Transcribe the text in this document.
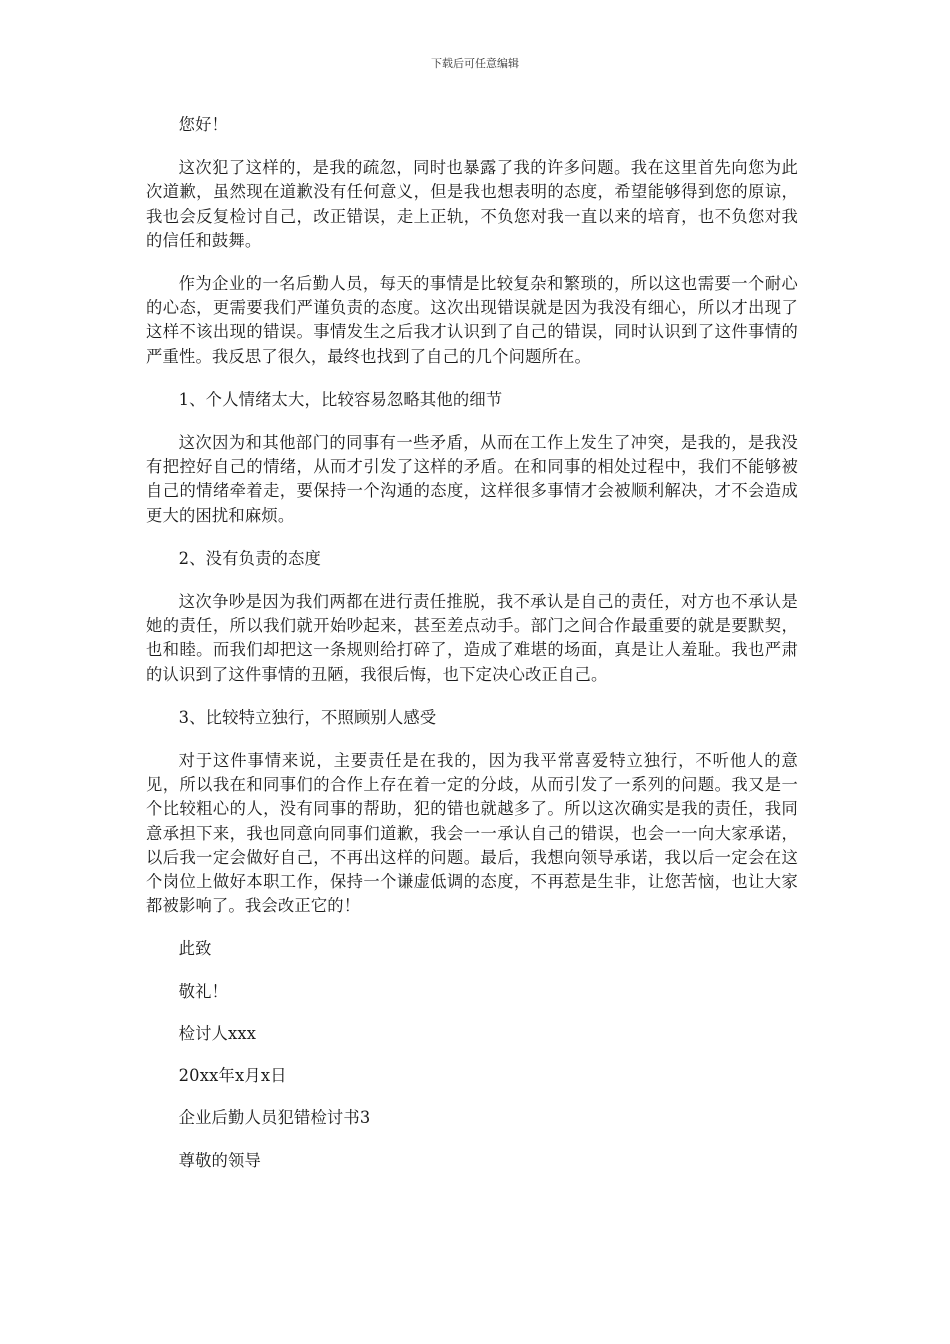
下载后可任意编辑

您好！

这次犯了这样的，是我的疏忽，同时也暴露了我的许多问题。我在这里首先向您为此次道歉，虽然现在道歉没有任何意义，但是我也想表明的态度，希望能够得到您的原谅，我也会反复检讨自己，改正错误，走上正轨，不负您对我一直以来的培育，也不负您对我的信任和鼓舞。

作为企业的一名后勤人员，每天的事情是比较复杂和繁琐的，所以这也需要一个耐心的心态，更需要我们严谨负责的态度。这次出现错误就是因为我没有细心，所以才出现了这样不该出现的错误。事情发生之后我才认识到了自己的错误，同时认识到了这件事情的严重性。我反思了很久，最终也找到了自己的几个问题所在。

1、个人情绪太大，比较容易忽略其他的细节

这次因为和其他部门的同事有一些矛盾，从而在工作上发生了冲突，是我的，是我没有把控好自己的情绪，从而才引发了这样的矛盾。在和同事的相处过程中，我们不能够被自己的情绪牵着走，要保持一个沟通的态度，这样很多事情才会被顺利解决，才不会造成更大的困扰和麻烦。

2、没有负责的态度

这次争吵是因为我们两都在进行责任推脱，我不承认是自己的责任，对方也不承认是她的责任，所以我们就开始吵起来，甚至差点动手。部门之间合作最重要的就是要默契，也和睦。而我们却把这一条规则给打碎了，造成了难堪的场面，真是让人羞耻。我也严肃的认识到了这件事情的丑陋，我很后悔，也下定决心改正自己。

3、比较特立独行，不照顾别人感受

对于这件事情来说，主要责任是在我的，因为我平常喜爱特立独行，不听他人的意见，所以我在和同事们的合作上存在着一定的分歧，从而引发了一系列的问题。我又是一个比较粗心的人，没有同事的帮助，犯的错也就越多了。所以这次确实是我的责任，我同意承担下来，我也同意向同事们道歉，我会一一承认自己的错误，也会一一向大家承诺，以后我一定会做好自己，不再出这样的问题。最后，我想向领导承诺，我以后一定会在这个岗位上做好本职工作，保持一个谦虚低调的态度，不再惹是生非，让您苦恼，也让大家都被影响了。我会改正它的！

此致

敬礼！

检讨人xxx

20xx年x月x日

企业后勤人员犯错检讨书3

尊敬的领导
